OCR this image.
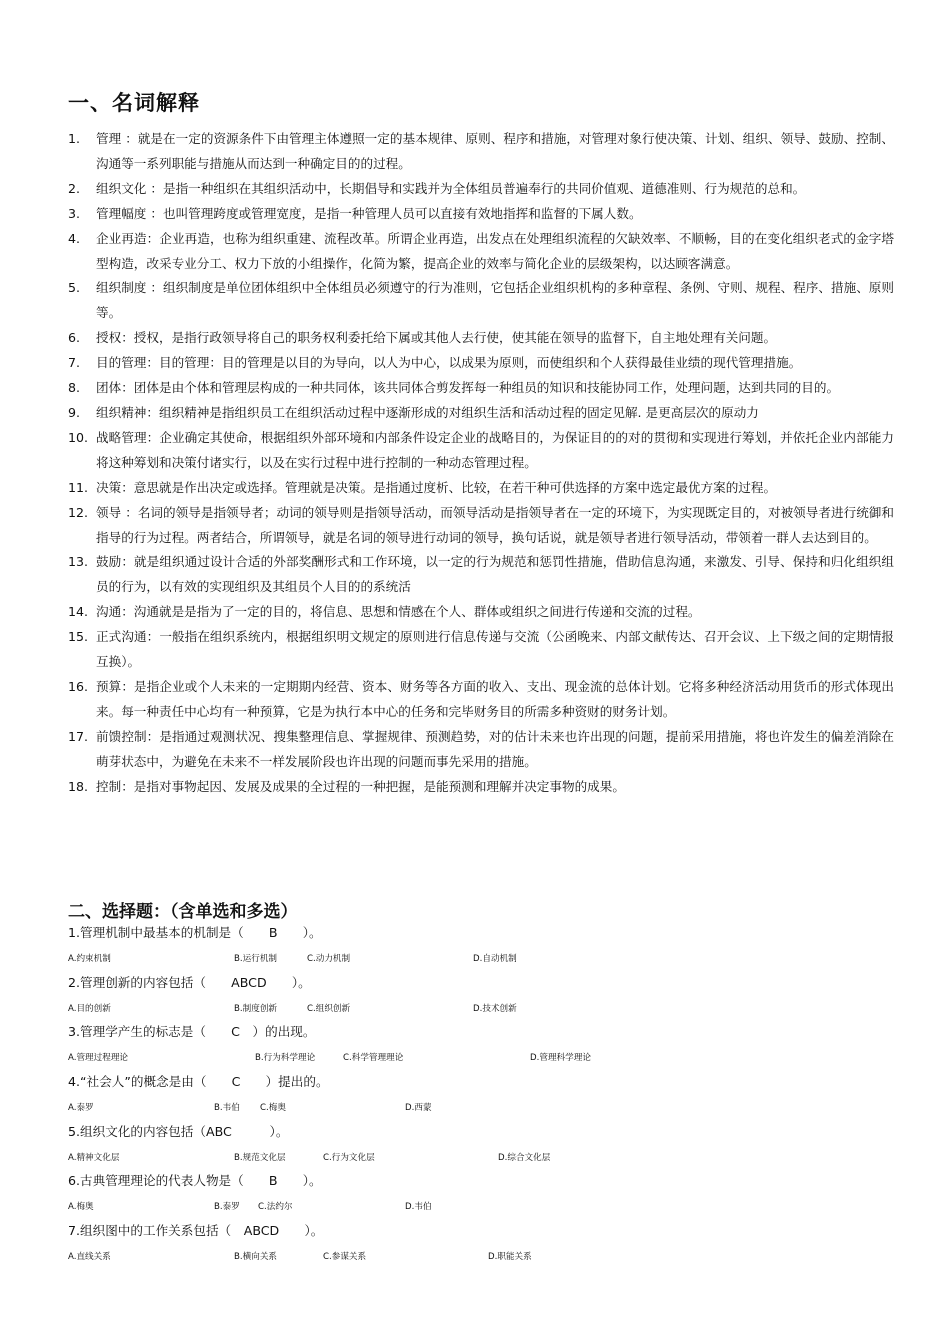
一、名词解释
1. 管理 ：就是在一定的资源条件下由管理主体遵照一定的基本规律、原则、程序和措施，对管理对象行使决策、计划、组织、领导、鼓励、控制、沟通等一系列职能与措施从而达到一种确定目的的过程。
2. 组织文化 ：是指一种组织在其组织活动中，长期倡导和实践并为全体组员普遍奉行的共同价值观、道德准则、行为规范的总和。
3. 管理幅度 ：也叫管理跨度或管理宽度，是指一种管理人员可以直接有效地指挥和监督的下属人数。
4. 企业再造：企业再造，也称为组织重建、流程改革。所谓企业再造，出发点在处理组织流程的欠缺效率、不顺畅，目的在变化组织老式的金字塔型构造，改采专业分工、权力下放的小组操作，化简为繁，提高企业的效率与简化企业的层级架构，以达顾客满意。
5. 组织制度 ：组织制度是单位团体组织中全体组员必须遵守的行为准则，它包括企业组织机构的多种章程、条例、守则、规程、程序、措施、原则等。
6. 授权：授权，是指行政领导将自己的职务权利委托给下属或其他人去行使，使其能在领导的监督下，自主地处理有关问题。
7. 目的管理：目的管理：目的管理是以目的为导向，以人为中心，以成果为原则，而使组织和个人获得最佳业绩的现代管理措施。
8. 团体：团体是由个体和管理层构成的一种共同体，该共同体合剪发挥每一种组员的知识和技能协同工作，处理问题，达到共同的目的。
9. 组织精神：组织精神是指组织员工在组织活动过程中逐渐形成的对组织生活和活动过程的固定见解. 是更高层次的原动力
10. 战略管理：企业确定其使命，根据组织外部环境和内部条件设定企业的战略目的，为保证目的的对的贯彻和实现进行筹划，并依托企业内部能力将这种筹划和决策付诸实行，以及在实行过程中进行控制的一种动态管理过程。
11. 决策：意思就是作出决定或选择。管理就是决策。是指通过度析、比较，在若干种可供选择的方案中选定最优方案的过程。
12. 领导 ：名词的领导是指领导者；动词的领导则是指领导活动，而领导活动是指领导者在一定的环境下，为实现既定目的，对被领导者进行统御和指导的行为过程。两者结合，所谓领导，就是名词的领导进行动词的领导，换句话说，就是领导者进行领导活动，带领着一群人去达到目的。
13. 鼓励：就是组织通过设计合适的外部奖酬形式和工作环境，以一定的行为规范和惩罚性措施，借助信息沟通，来激发、引导、保持和归化组织组员的行为，以有效的实现组织及其组员个人目的的系统活
14. 沟通：沟通就是是指为了一定的目的，将信息、思想和情感在个人、群体或组织之间进行传递和交流的过程。
15. 正式沟通：一般指在组织系统内，根据组织明文规定的原则进行信息传递与交流（公函晚来、内部文献传达、召开会议、上下级之间的定期情报互换）。
16. 预算：是指企业或个人未来的一定期期内经营、资本、财务等各方面的收入、支出、现金流的总体计划。它将多种经济活动用货币的形式体现出来。每一种责任中心均有一种预算，它是为执行本中心的任务和完毕财务目的所需多种资财的财务计划。
17. 前馈控制：是指通过观测状况、搜集整理信息、掌握规律、预测趋势，对的估计未来也许出现的问题，提前采用措施，将也许发生的偏差消除在萌芽状态中，为避免在未来不一样发展阶段也许出现的问题而事先采用的措施。
18. 控制：是指对事物起因、发展及成果的全过程的一种把握，是能预测和理解并决定事物的成果。
二、选择题：（含单选和多选）
1.管理机制中最基本的机制是（　　B　　）。
A.约束机制	B.运行机制	C.动力机制	D.自动机制
2.管理创新的内容包括（　　ABCD　　）。
A.目的创新	B.制度创新	C.组织创新	D.技术创新
3.管理学产生的标志是（　　C　）的出现。
A.管理过程理论	B.行为科学理论	C.科学管理理论	D.管理科学理论
4.“社会人”的概念是由（　　C　　）提出的。
A.泰罗	B.韦伯 C.梅奥	D.西蒙
5.组织文化的内容包括（ABC　　　）。
A.精神文化层	B.规范文化层	C.行为文化层	D.综合文化层
6.古典管理理论的代表人物是（　　B　　）。
A.梅奥	B.泰罗 C.法约尔	D.韦伯
7.组织图中的工作关系包括（　ABCD　　）。
A.直线关系	B.横向关系	C.参谋关系	D.职能关系
